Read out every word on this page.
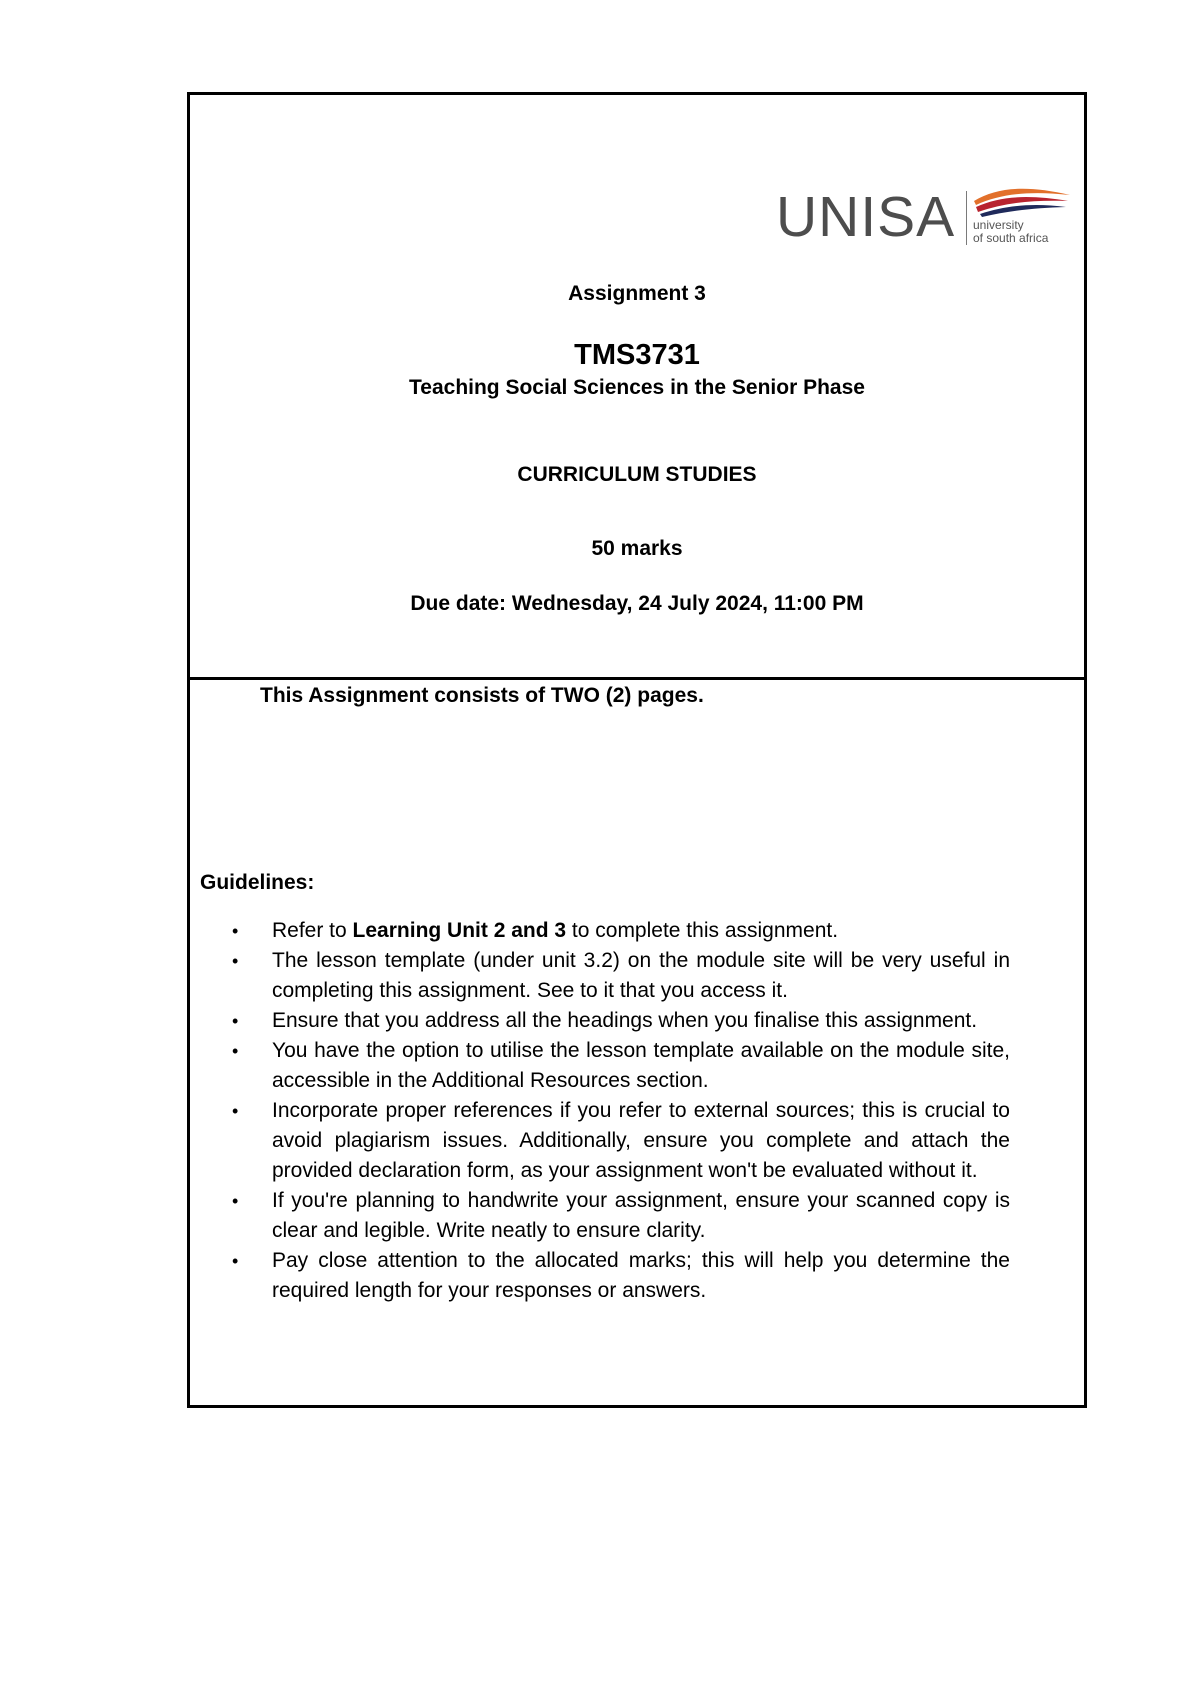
UNISA university
of south africa
Assignment 3
TMS3731
Teaching Social Sciences in the Senior Phase
CURRICULUM STUDIES
50 marks
Due date: Wednesday, 24 July 2024, 11:00 PM
This Assignment consists of TWO (2) pages.
Guidelines:
• Refer to Learning Unit 2 and 3 to complete this assignment.
• The lesson template (under unit 3.2) on the module site will be very useful in completing this assignment. See to it that you access it.
• Ensure that you address all the headings when you finalise this assignment.
• You have the option to utilise the lesson template available on the module site, accessible in the Additional Resources section.
• Incorporate proper references if you refer to external sources; this is crucial to avoid plagiarism issues. Additionally, ensure you complete and attach the provided declaration form, as your assignment won't be evaluated without it.
• If you're planning to handwrite your assignment, ensure your scanned copy is clear and legible. Write neatly to ensure clarity.
• Pay close attention to the allocated marks; this will help you determine the required length for your responses or answers.
